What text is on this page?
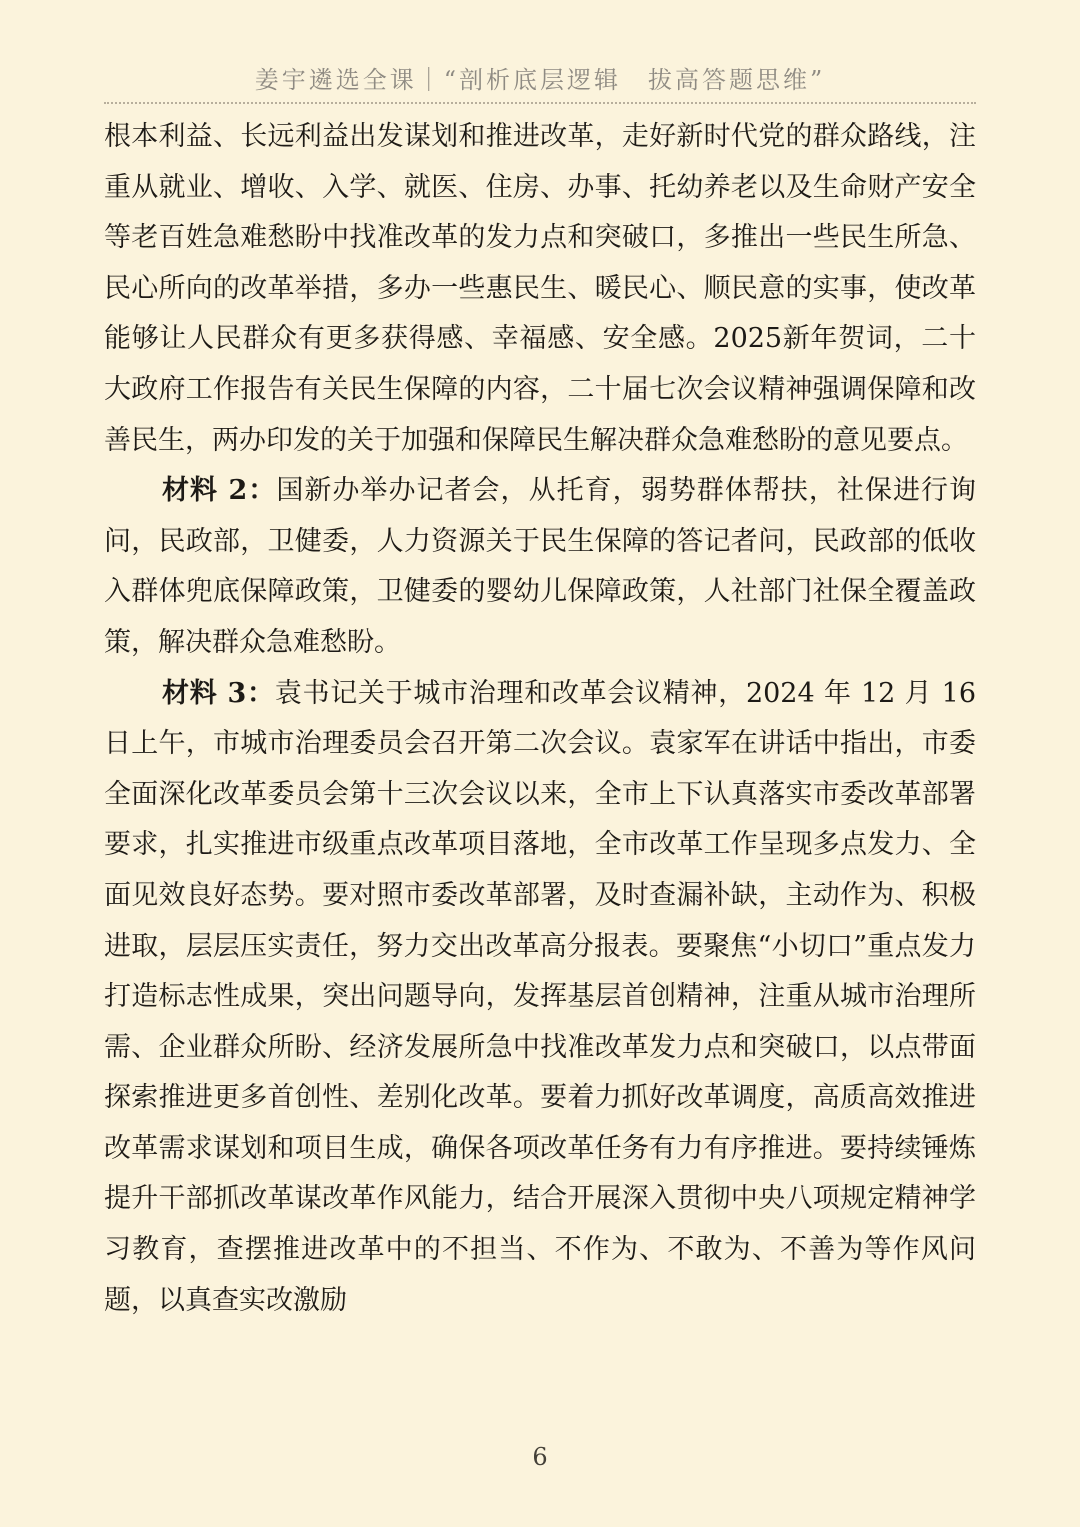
姜宇遴选全课｜“剖析底层逻辑　拔高答题思维”

根本利益、长远利益出发谋划和推进改革，走好新时代党的群众路线，注重从就业、增收、入学、就医、住房、办事、托幼养老以及生命财产安全等老百姓急难愁盼中找准改革的发力点和突破口，多推出一些民生所急、民心所向的改革举措，多办一些惠民生、暖民心、顺民意的实事，使改革能够让人民群众有更多获得感、幸福感、安全感。2025新年贺词，二十大政府工作报告有关民生保障的内容，二十届七次会议精神强调保障和改善民生，两办印发的关于加强和保障民生解决群众急难愁盼的意见要点。

材料 2：国新办举办记者会，从托育，弱势群体帮扶，社保进行询问，民政部，卫健委，人力资源关于民生保障的答记者问，民政部的低收入群体兜底保障政策，卫健委的婴幼儿保障政策，人社部门社保全覆盖政策，解决群众急难愁盼。

材料 3：袁书记关于城市治理和改革会议精神，2024 年 12 月 16 日上午，市城市治理委员会召开第二次会议。袁家军在讲话中指出，市委全面深化改革委员会第十三次会议以来，全市上下认真落实市委改革部署要求，扎实推进市级重点改革项目落地，全市改革工作呈现多点发力、全面见效良好态势。要对照市委改革部署，及时查漏补缺，主动作为、积极进取，层层压实责任，努力交出改革高分报表。要聚焦“小切口”重点发力打造标志性成果，突出问题导向，发挥基层首创精神，注重从城市治理所需、企业群众所盼、经济发展所急中找准改革发力点和突破口，以点带面探索推进更多首创性、差别化改革。要着力抓好改革调度，高质高效推进改革需求谋划和项目生成，确保各项改革任务有力有序推进。要持续锤炼提升干部抓改革谋改革作风能力，结合开展深入贯彻中央八项规定精神学习教育，查摆推进改革中的不担当、不作为、不敢为、不善为等作风问题，以真查实改激励

6
